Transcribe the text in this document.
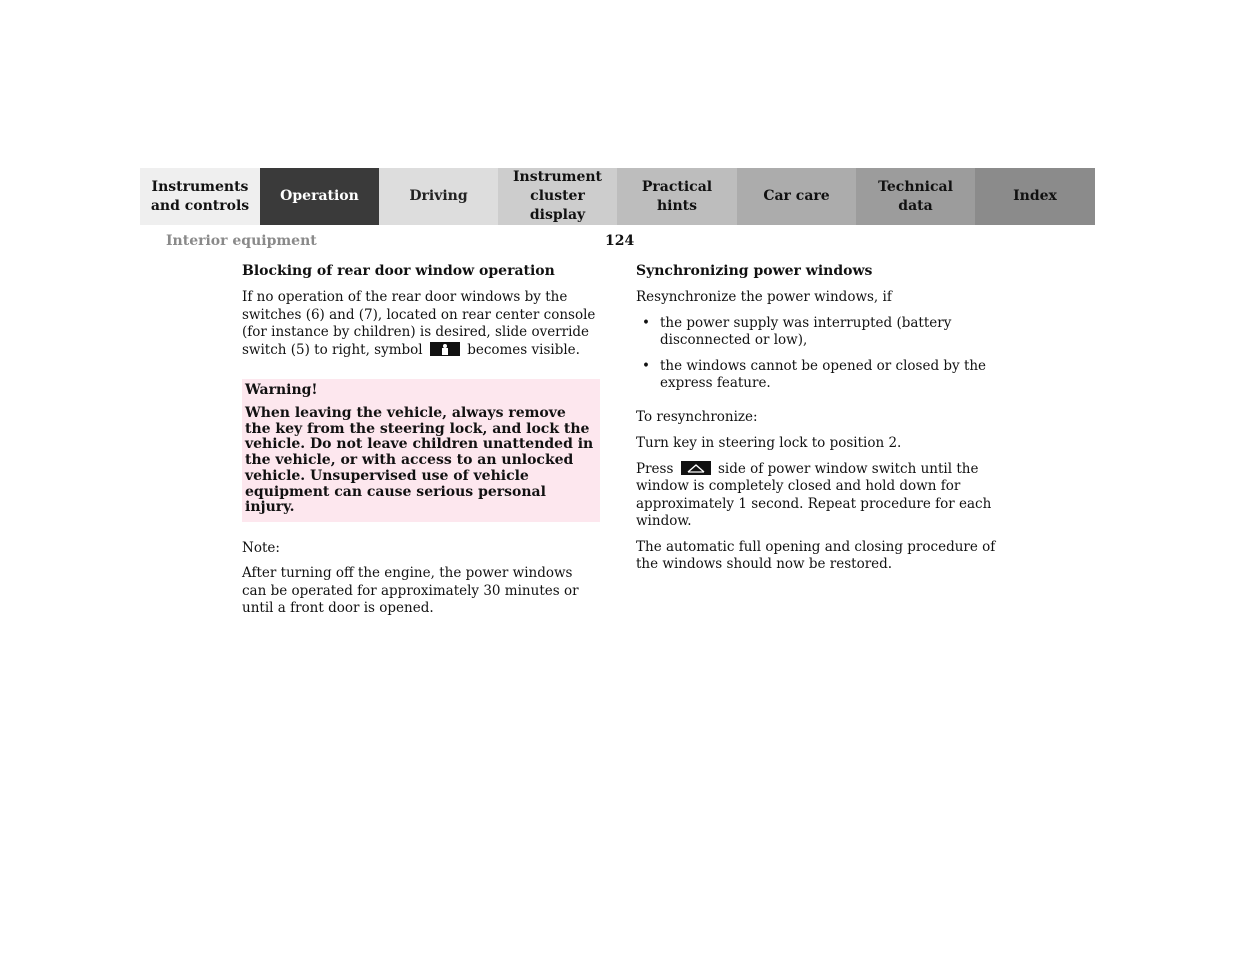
Instruments
and controls
Operation	Driving
Instrument
cluster display
Practical hints
Car care
Technical
data
Index
Interior equipment	124
Blocking of rear door window operation

If no operation of the rear door windows by the switches (6) and (7), located on rear center console (for instance by children) is desired, slide override switch (5) to right, symbol	becomes visible.

Warning!

When leaving the vehicle, always remove the key from the steering lock, and lock the vehicle. Do not leave children unattended in the vehicle, or with access to an unlocked vehicle. Unsupervised use of vehicle equipment can cause serious personal injury.

Note:

After turning off the engine, the power windows can be operated for approximately 30 minutes or until a front door is opened.

Synchronizing power windows

Resynchronize the power windows, if

• the power supply was interrupted (battery disconnected or low),
• the windows cannot be opened or closed by the express feature.

To resynchronize:

Turn key in steering lock to position 2.

Press	side of power window switch until the window is completely closed and hold down for approximately 1 second. Repeat procedure for each window.

The automatic full opening and closing procedure of the windows should now be restored.
